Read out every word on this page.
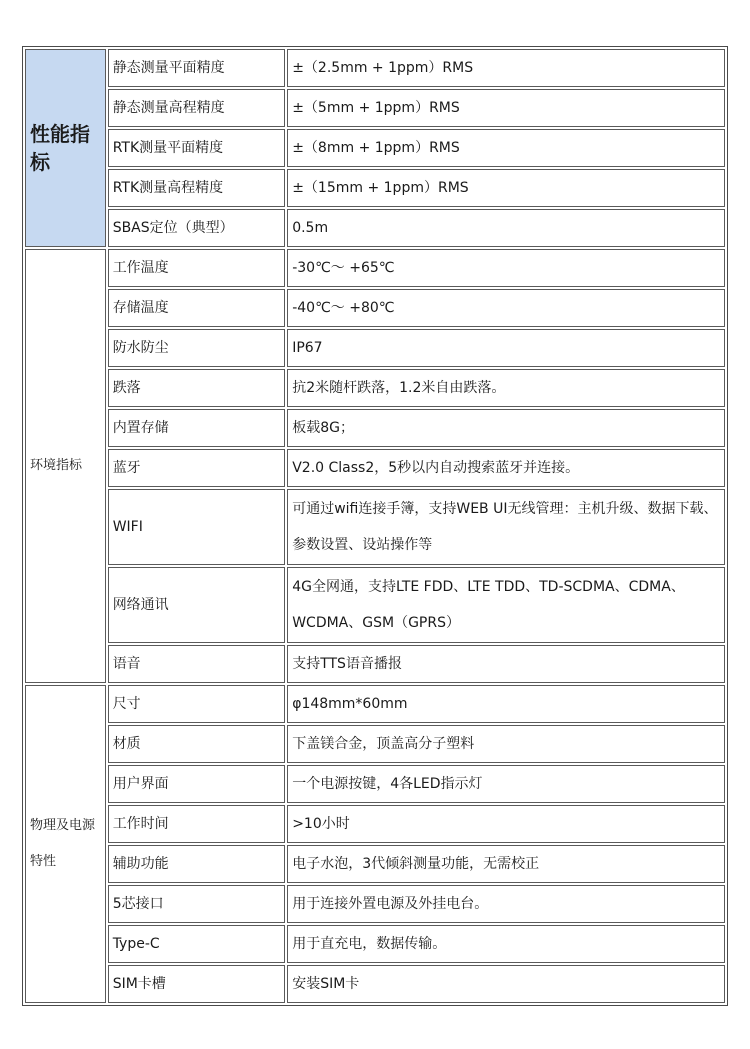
性能指标	静态测量平面精度	±（2.5mm + 1ppm）RMS
	静态测量高程精度	±（5mm + 1ppm）RMS
	RTK测量平面精度	±（8mm + 1ppm）RMS
	RTK测量高程精度	±（15mm + 1ppm）RMS
	SBAS定位（典型）	0.5m

环境指标	工作温度	-30℃～ +65℃
	存储温度	-40℃～ +80℃
	防水防尘	IP67
	跌落	抗2米随杆跌落，1.2米自由跌落。
	内置存储	板载8G；
	蓝牙	V2.0 Class2，5秒以内自动搜索蓝牙并连接。
	WIFI	可通过wifi连接手簿，支持WEB UI无线管理：主机升级、数据下载、参数设置、设站操作等
	网络通讯	4G全网通，支持LTE FDD、LTE TDD、TD-SCDMA、CDMA、WCDMA、GSM（GPRS）
	语音	支持TTS语音播报

物理及电源特性	尺寸	φ148mm*60mm
	材质	下盖镁合金，顶盖高分子塑料
	用户界面	一个电源按键，4各LED指示灯
	工作时间	>10小时
	辅助功能	电子水泡，3代倾斜测量功能，无需校正
	5芯接口	用于连接外置电源及外挂电台。
	Type-C	用于直充电，数据传输。
	SIM卡槽	安装SIM卡
